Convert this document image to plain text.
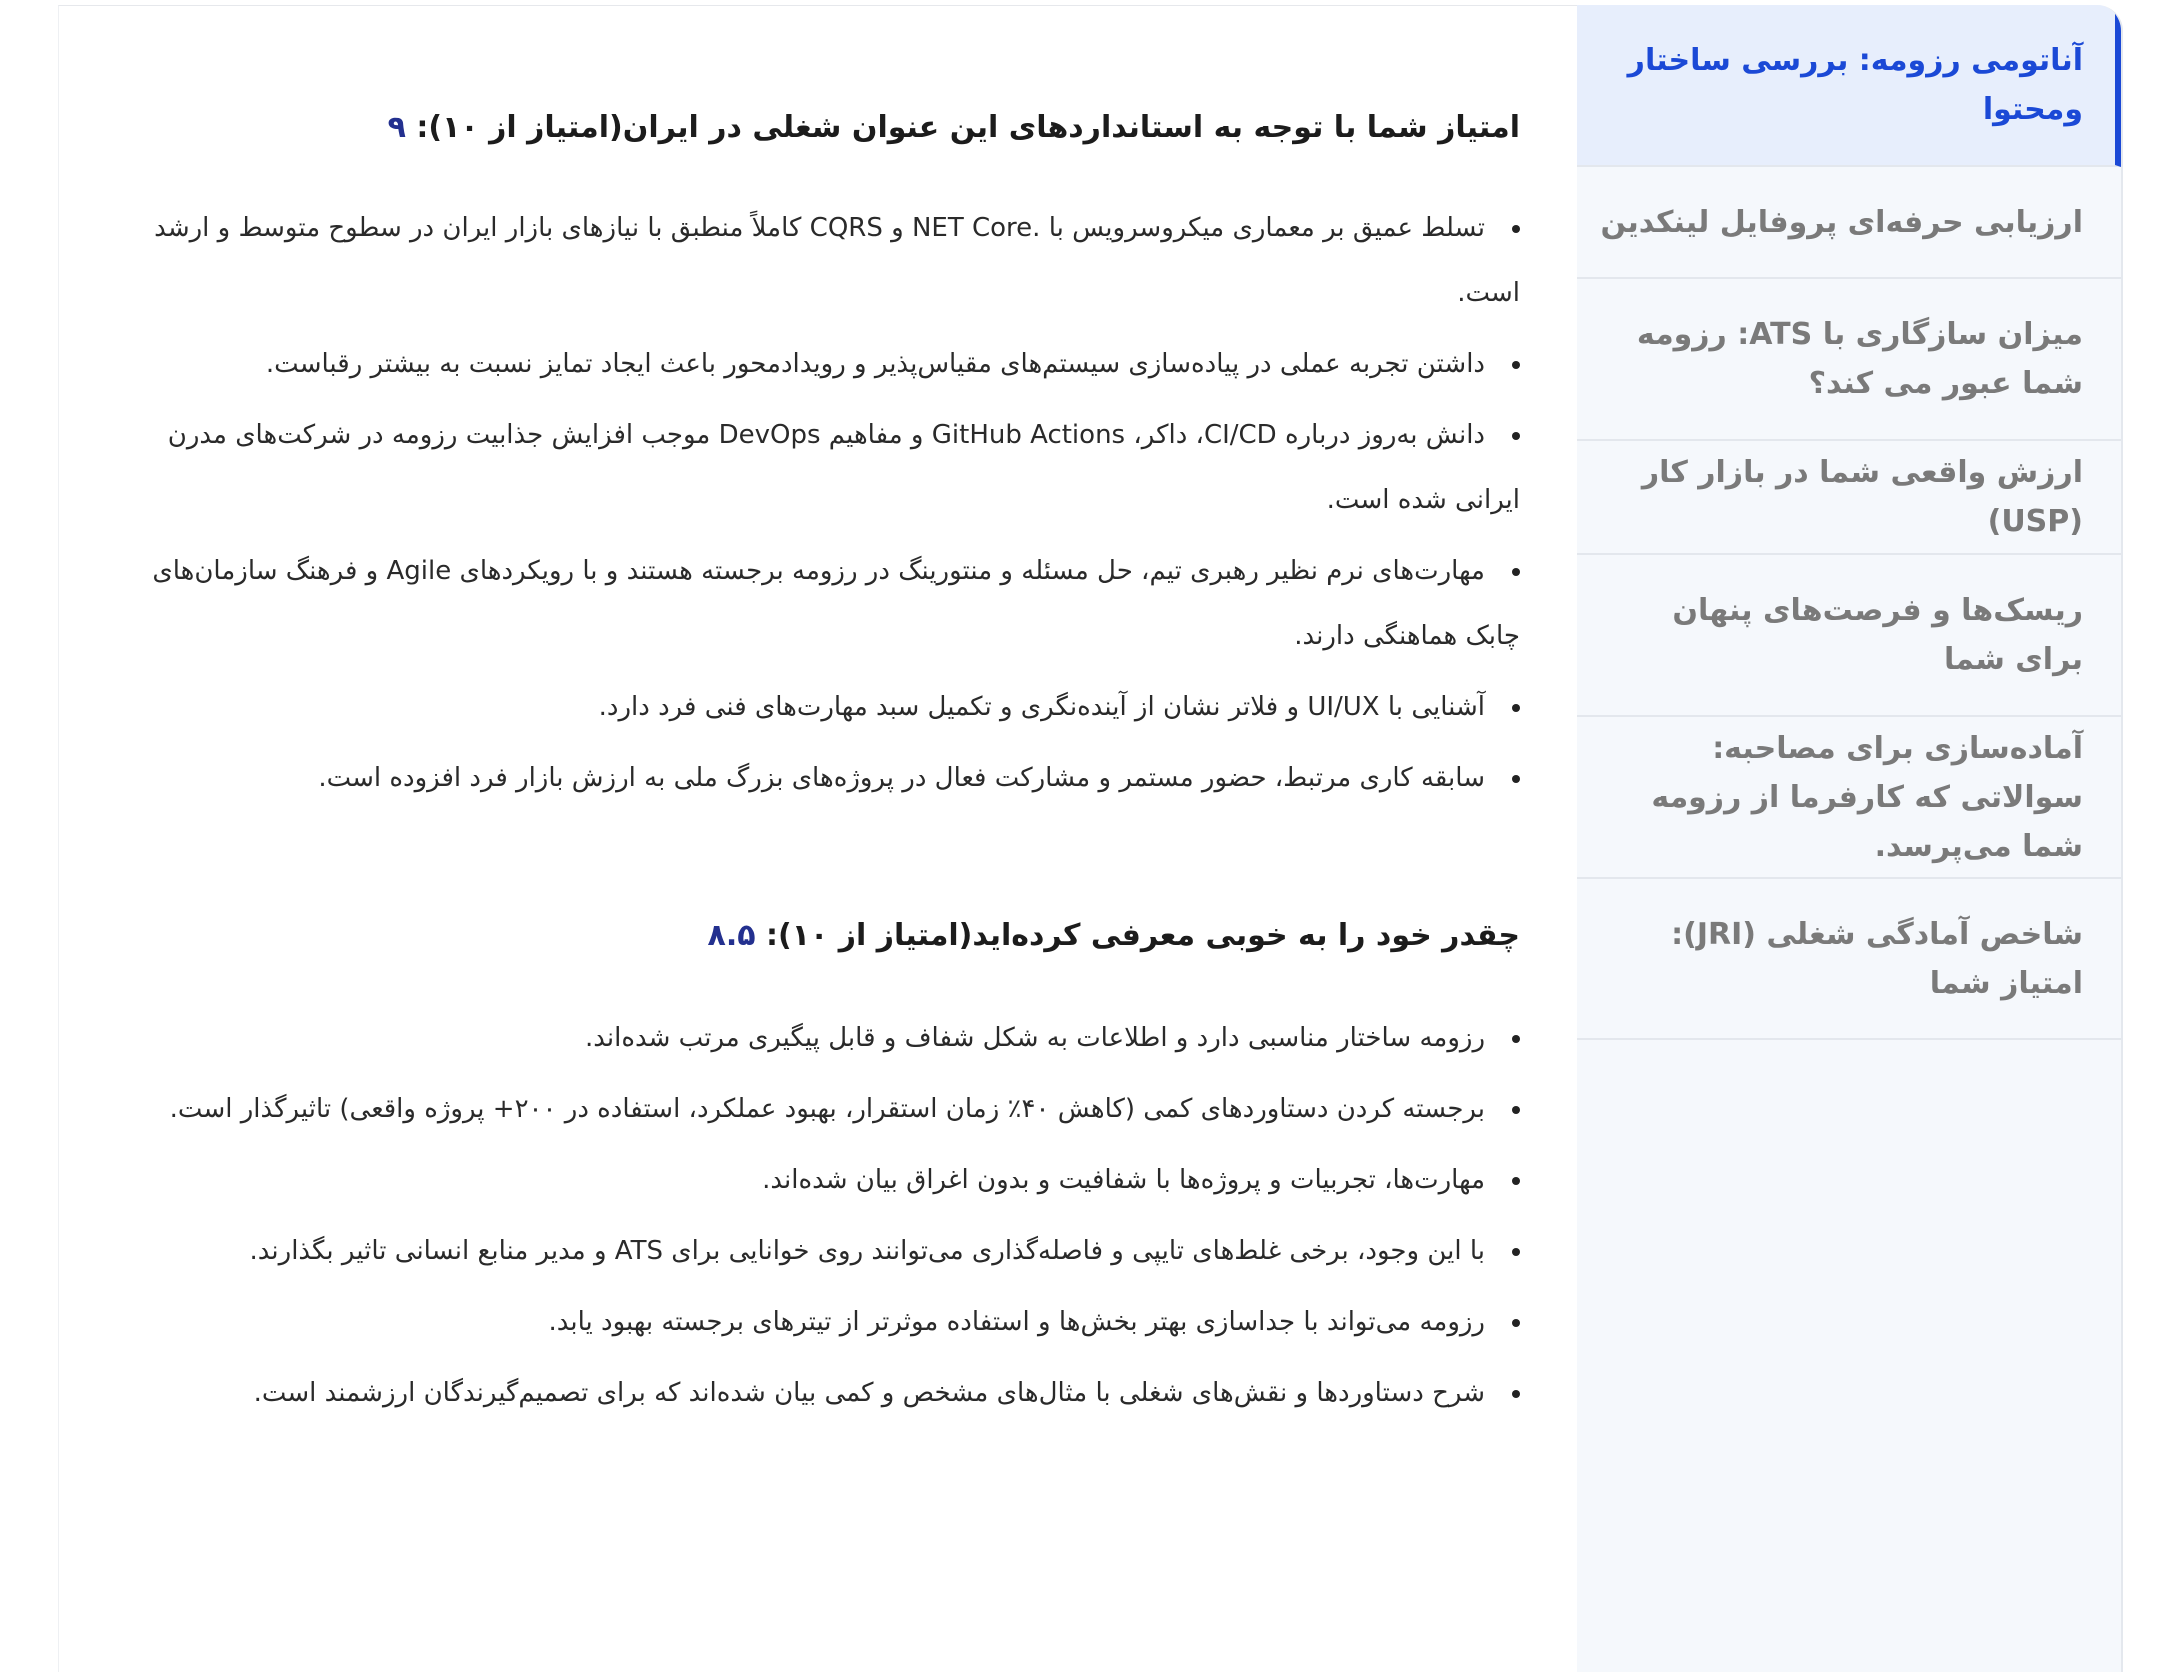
امتیاز شما با توجه به استانداردهای این عنوان شغلی در ایران(امتیاز از ۱۰): ۹
• تسلط عمیق بر معماری میکروسرویس با .NET Core و CQRS کاملاً منطبق با نیازهای بازار ایران در سطوح متوسط و ارشد است.
• داشتن تجربه عملی در پیاده‌سازی سیستم‌های مقیاس‌پذیر و رویدادمحور باعث ایجاد تمایز نسبت به بیشتر رقباست.
• دانش به‌روز درباره CI/CD، داکر، GitHub Actions و مفاهیم DevOps موجب افزایش جذابیت رزومه در شرکت‌های مدرن ایرانی شده است.
• مهارت‌های نرم نظیر رهبری تیم، حل مسئله و منتورینگ در رزومه برجسته هستند و با رویکردهای Agile و فرهنگ سازمان‌های چابک هماهنگی دارند.
• آشنایی با UI/UX و فلاتر نشان از آینده‌نگری و تکمیل سبد مهارت‌های فنی فرد دارد.
• سابقه کاری مرتبط، حضور مستمر و مشارکت فعال در پروژه‌های بزرگ ملی به ارزش بازار فرد افزوده است.
چقدر خود را به خوبی معرفی کرده‌اید(امتیاز از ۱۰): ۸.۵
• رزومه ساختار مناسبی دارد و اطلاعات به شکل شفاف و قابل پیگیری مرتب شده‌اند.
• برجسته کردن دستاوردهای کمی (کاهش ۴۰٪ زمان استقرار، بهبود عملکرد، استفاده در ۲۰۰+ پروژه واقعی) تاثیرگذار است.
• مهارت‌ها، تجربیات و پروژه‌ها با شفافیت و بدون اغراق بیان شده‌اند.
• با این وجود، برخی غلط‌های تایپی و فاصله‌گذاری می‌توانند روی خوانایی برای ATS و مدیر منابع انسانی تاثیر بگذارند.
• رزومه می‌تواند با جداسازی بهتر بخش‌ها و استفاده موثرتر از تیترهای برجسته بهبود یابد.
• شرح دستاوردها و نقش‌های شغلی با مثال‌های مشخص و کمی بیان شده‌اند که برای تصمیم‌گیرندگان ارزشمند است.
آناتومی رزومه: بررسی ساختار ومحتوا
ارزیابی حرفه‌ای پروفایل لینکدین
میزان سازگاری با ATS: رزومه شما عبور می کند؟
ارزش واقعی شما در بازار کار (USP)
ریسک‌ها و فرصت‌های پنهان برای شما
آماده‌سازی برای مصاحبه: سوالاتی که کارفرما از رزومه شما می‌پرسد.
شاخص آمادگی شغلی (JRI): امتیاز شما
